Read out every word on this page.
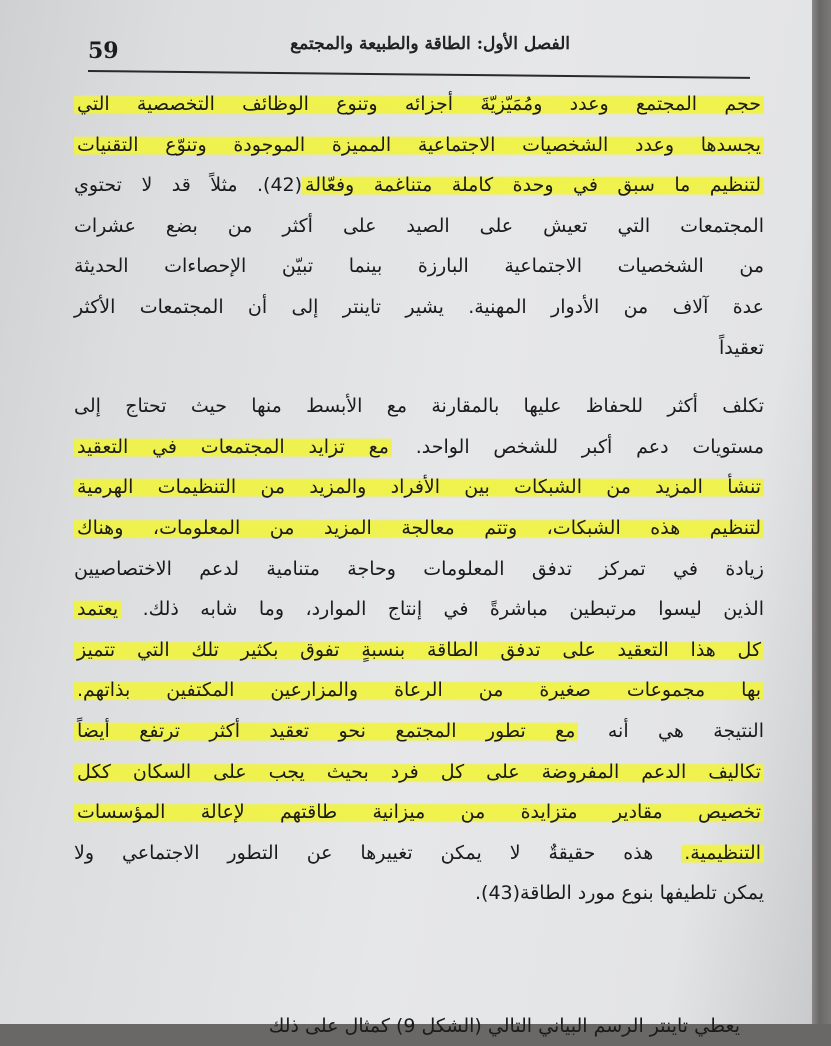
الفصل الأول: الطاقة والطبيعة والمجتمع
59
حجم المجتمع وعدد ومُمَيّزيّةَ أجزائه وتنوع الوظائف التخصصية التي
يجسدها وعدد الشخصيات الاجتماعية المميزة الموجودة وتنوّع التقنيات
لتنظيم ما سبق في وحدة كاملة متناغمة وفعّالة(42). مثلاً قد لا تحتوي
المجتمعات التي تعيش على الصيد على أكثر من بضع عشرات
من الشخصيات الاجتماعية البارزة بينما تبيّن الإحصاءات الحديثة
عدة آلاف من الأدوار المهنية. يشير تاينتر إلى أن المجتمعات الأكثر
تعقيداً
تكلف أكثر للحفاظ عليها بالمقارنة مع الأبسط منها حيث تحتاج إلى
مستويات دعم أكبر للشخص الواحد. مع تزايد المجتمعات في التعقيد
تنشأ المزيد من الشبكات بين الأفراد والمزيد من التنظيمات الهرمية
لتنظيم هذه الشبكات، وتتم معالجة المزيد من المعلومات، وهناك
زيادة في تمركز تدفق المعلومات وحاجة متنامية لدعم الاختصاصيين
الذين ليسوا مرتبطين مباشرةً في إنتاج الموارد، وما شابه ذلك. يعتمد
كل هذا التعقيد على تدفق الطاقة بنسبةٍ تفوق بكثير تلك التي تتميز
بها مجموعات صغيرة من الرعاة والمزارعين المكتفين بذاتهم.
النتيجة هي أنه مع تطور المجتمع نحو تعقيد أكثر ترتفع أيضاً
تكاليف الدعم المفروضة على كل فرد بحيث يجب على السكان ككل
تخصيص مقادير متزايدة من ميزانية طاقتهم لإعالة المؤسسات
التنظيمية. هذه حقيقةٌ لا يمكن تغييرها عن التطور الاجتماعي ولا
يمكن تلطيفها بنوع مورد الطاقة(43).
يعطي تاينتر الرسم البياني التالي (الشكل 9) كمثال على ذلك
